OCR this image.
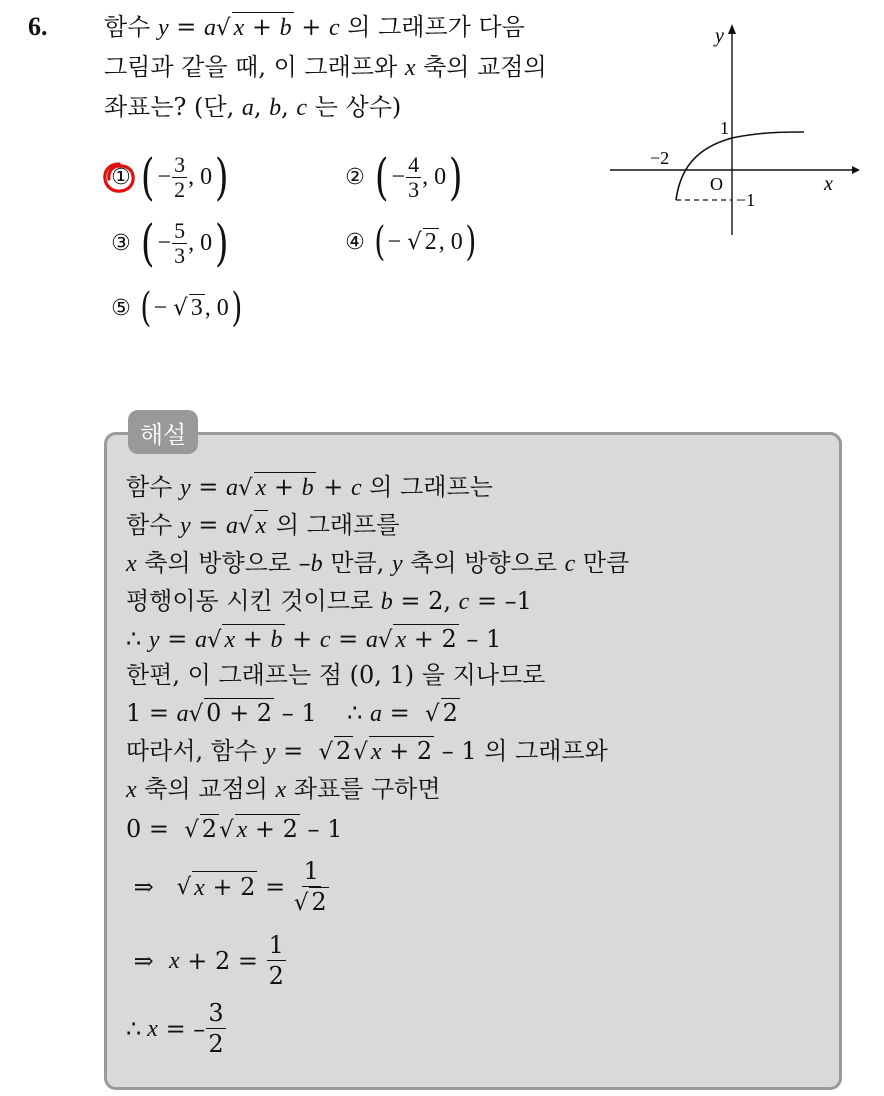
6. 함수 y = a√ x + b + c 의 그래프가 다음
그림과 같을 때, 이 그래프와 x 축의 교점의
좌표는? (단, a, b, c 는 상수)
① ( − $\frac{3}{2}$ , 0 )	② ( − $\frac{4}{3}$ , 0 )
③ ( − $\frac{5}{3}$ , 0 )	④ ( −
√ 2 , 0 )
⑤ ( −
√ 3 , 0 )
y
x
1
−2
O
−1
해설
함수 y = a√ x + b + c 의 그래프는
함수 y = a√ x 의 그래프를
x 축의 방향으로 –b 만큼, y 축의 방향으로 c 만큼
평행이동 시킨 것이므로 b = 2, c = –1
∴ y = a√ x + b + c = a√ x + 2 – 1
한편, 이 그래프는 점 (0, 1) 을 지나므로
1 = a√ 0 + 2 – 1    ∴ a =  √ 2
따라서, 함수 y =  √ 2√ x + 2 – 1 의 그래프와
x 축의 교점의 x 좌표를 구하면
0 =  √ 2√ x + 2 – 1
⇒ √ $x + 2 = \frac{1}{√ 2}$
⇒ $x + 2 = \frac{1}{2}$
∴ x = – $\frac{3}{2}$
